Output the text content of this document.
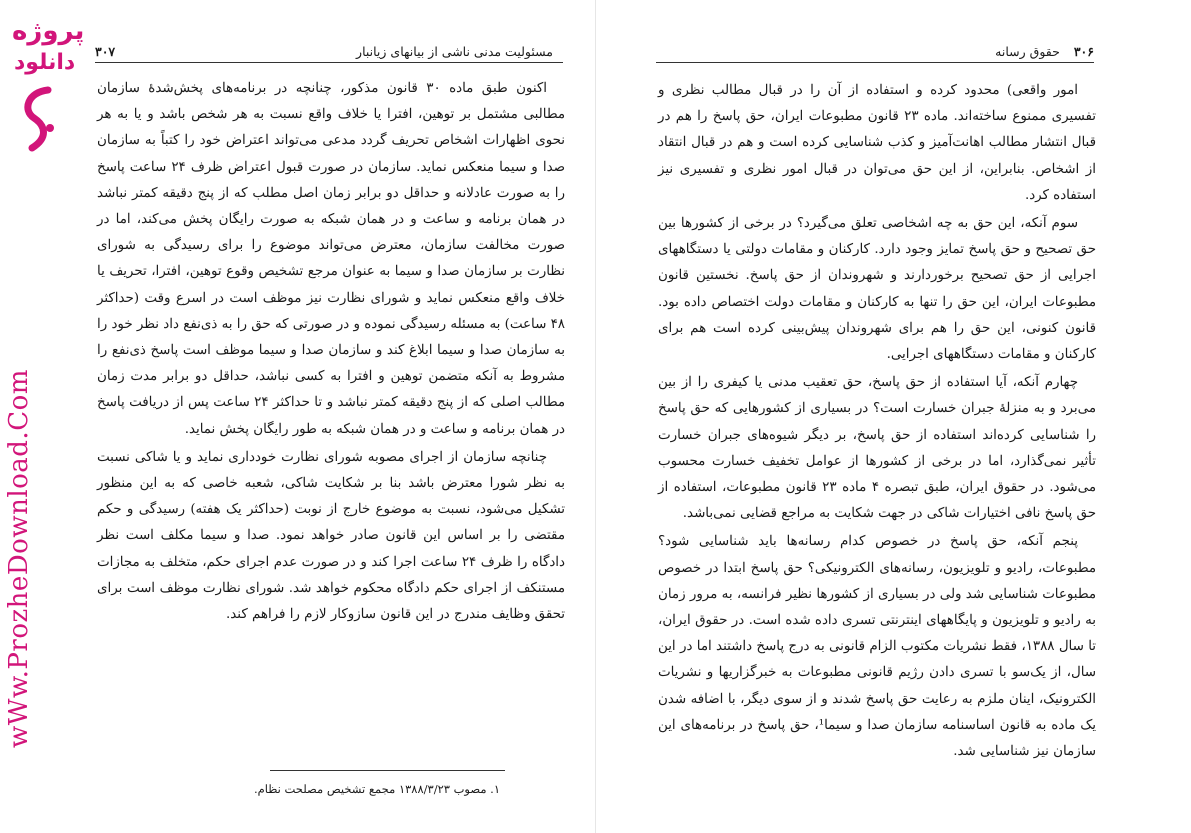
مسئولیت مدنی ناشی از بیانهای زیانبار
۳۰۷

اکنون طبق ماده ۳۰ قانون مذکور، چنانچه در برنامه‌های پخش‌شدهٔ سازمان مطالبی مشتمل بر توهین، افترا یا خلاف واقع نسبت به هر شخص باشد و یا به هر نحوی اظهارات اشخاص تحریف گردد مدعی می‌تواند اعتراض خود را کتباً به سازمان صدا و سیما منعکس نماید. سازمان در صورت قبول اعتراض ظرف ۲۴ ساعت پاسخ را به صورت عادلانه و حداقل دو برابر زمان اصل مطلب که از پنج دقیقه کمتر نباشد در همان برنامه و ساعت و در همان شبکه به صورت رایگان پخش می‌کند، اما در صورت مخالفت سازمان، معترض می‌تواند موضوع را برای رسیدگی به شورای نظارت بر سازمان صدا و سیما به عنوان مرجع تشخیص وقوع توهین، افترا، تحریف یا خلاف واقع منعکس نماید و شورای نظارت نیز موظف است در اسرع وقت (حداکثر ۴۸ ساعت) به مسئله رسیدگی نموده و در صورتی که حق را به ذی‌نفع داد نظر خود را به سازمان صدا و سیما ابلاغ کند و سازمان صدا و سیما موظف است پاسخ ذی‌نفع را مشروط به آنکه متضمن توهین و افترا به کسی نباشد، حداقل دو برابر مدت زمان مطالب اصلی که از پنج دقیقه کمتر نباشد و تا حداکثر ۲۴ ساعت پس از دریافت پاسخ در همان برنامه و ساعت و در همان شبکه به طور رایگان پخش نماید.

چنانچه سازمان از اجرای مصوبه شورای نظارت خودداری نماید و یا شاکی نسبت به نظر شورا معترض باشد بنا بر شکایت شاکی، شعبه خاصی که به این منظور تشکیل می‌شود، نسبت به موضوع خارج از نوبت (حداکثر یک هفته) رسیدگی و حکم مقتضی را بر اساس این قانون صادر خواهد نمود. صدا و سیما مکلف است نظر دادگاه را ظرف ۲۴ ساعت اجرا کند و در صورت عدم اجرای حکم، متخلف به مجازات مستنکف از اجرای حکم دادگاه محکوم خواهد شد. شورای نظارت موظف است برای تحقق وظایف مندرج در این قانون سازوکار لازم را فراهم کند.

۳۰۶
حقوق رسانه

امور واقعی) محدود کرده و استفاده از آن را در قبال مطالب نظری و تفسیری ممنوع ساخته‌اند. ماده ۲۳ قانون مطبوعات ایران، حق پاسخ را هم در قبال انتشار مطالب اهانت‌آمیز و کذب شناسایی کرده است و هم در قبال انتقاد از اشخاص. بنابراین، از این حق می‌توان در قبال امور نظری و تفسیری نیز استفاده کرد.

سوم آنکه، این حق به چه اشخاصی تعلق می‌گیرد؟ در برخی از کشورها بین حق تصحیح و حق پاسخ تمایز وجود دارد. کارکنان و مقامات دولتی یا دستگاههای اجرایی از حق تصحیح برخوردارند و شهروندان از حق پاسخ. نخستین قانون مطبوعات ایران، این حق را تنها به کارکنان و مقامات دولت اختصاص داده بود. قانون کنونی، این حق را هم برای شهروندان پیش‌بینی کرده است هم برای کارکنان و مقامات دستگاههای اجرایی.

چهارم آنکه، آیا استفاده از حق پاسخ، حق تعقیب مدنی یا کیفری را از بین می‌برد و به منزلهٔ جبران خسارت است؟ در بسیاری از کشورهایی که حق پاسخ را شناسایی کرده‌اند استفاده از حق پاسخ، بر دیگر شیوه‌های جبران خسارت تأثیر نمی‌گذارد، اما در برخی از کشورها از عوامل تخفیف خسارت محسوب می‌شود. در حقوق ایران، طبق تبصره ۴ ماده ۲۳ قانون مطبوعات، استفاده از حق پاسخ نافی اختیارات شاکی در جهت شکایت به مراجع قضایی نمی‌باشد.

پنجم آنکه، حق پاسخ در خصوص کدام رسانه‌ها باید شناسایی شود؟ مطبوعات، رادیو و تلویزیون، رسانه‌های الکترونیکی؟ حق پاسخ ابتدا در خصوص مطبوعات شناسایی شد ولی در بسیاری از کشورها نظیر فرانسه، به مرور زمان به رادیو و تلویزیون و پایگاههای اینترنتی تسری داده شده است. در حقوق ایران، تا سال ۱۳۸۸، فقط نشریات مکتوب الزام قانونی به درج پاسخ داشتند اما در این سال، از یک‌سو با تسری دادن رژیم قانونی مطبوعات به خبرگزاریها و نشریات الکترونیک، اینان ملزم به رعایت حق پاسخ شدند و از سوی دیگر، با اضافه شدن یک ماده به قانون اساسنامه سازمان صدا و سیما¹، حق پاسخ در برنامه‌های این سازمان نیز شناسایی شد.

۱. مصوب ۱۳۸۸/۳/۲۳ مجمع تشخیص مصلحت نظام.
پروژه
دانلود
wWw.ProzheDownload.Com
